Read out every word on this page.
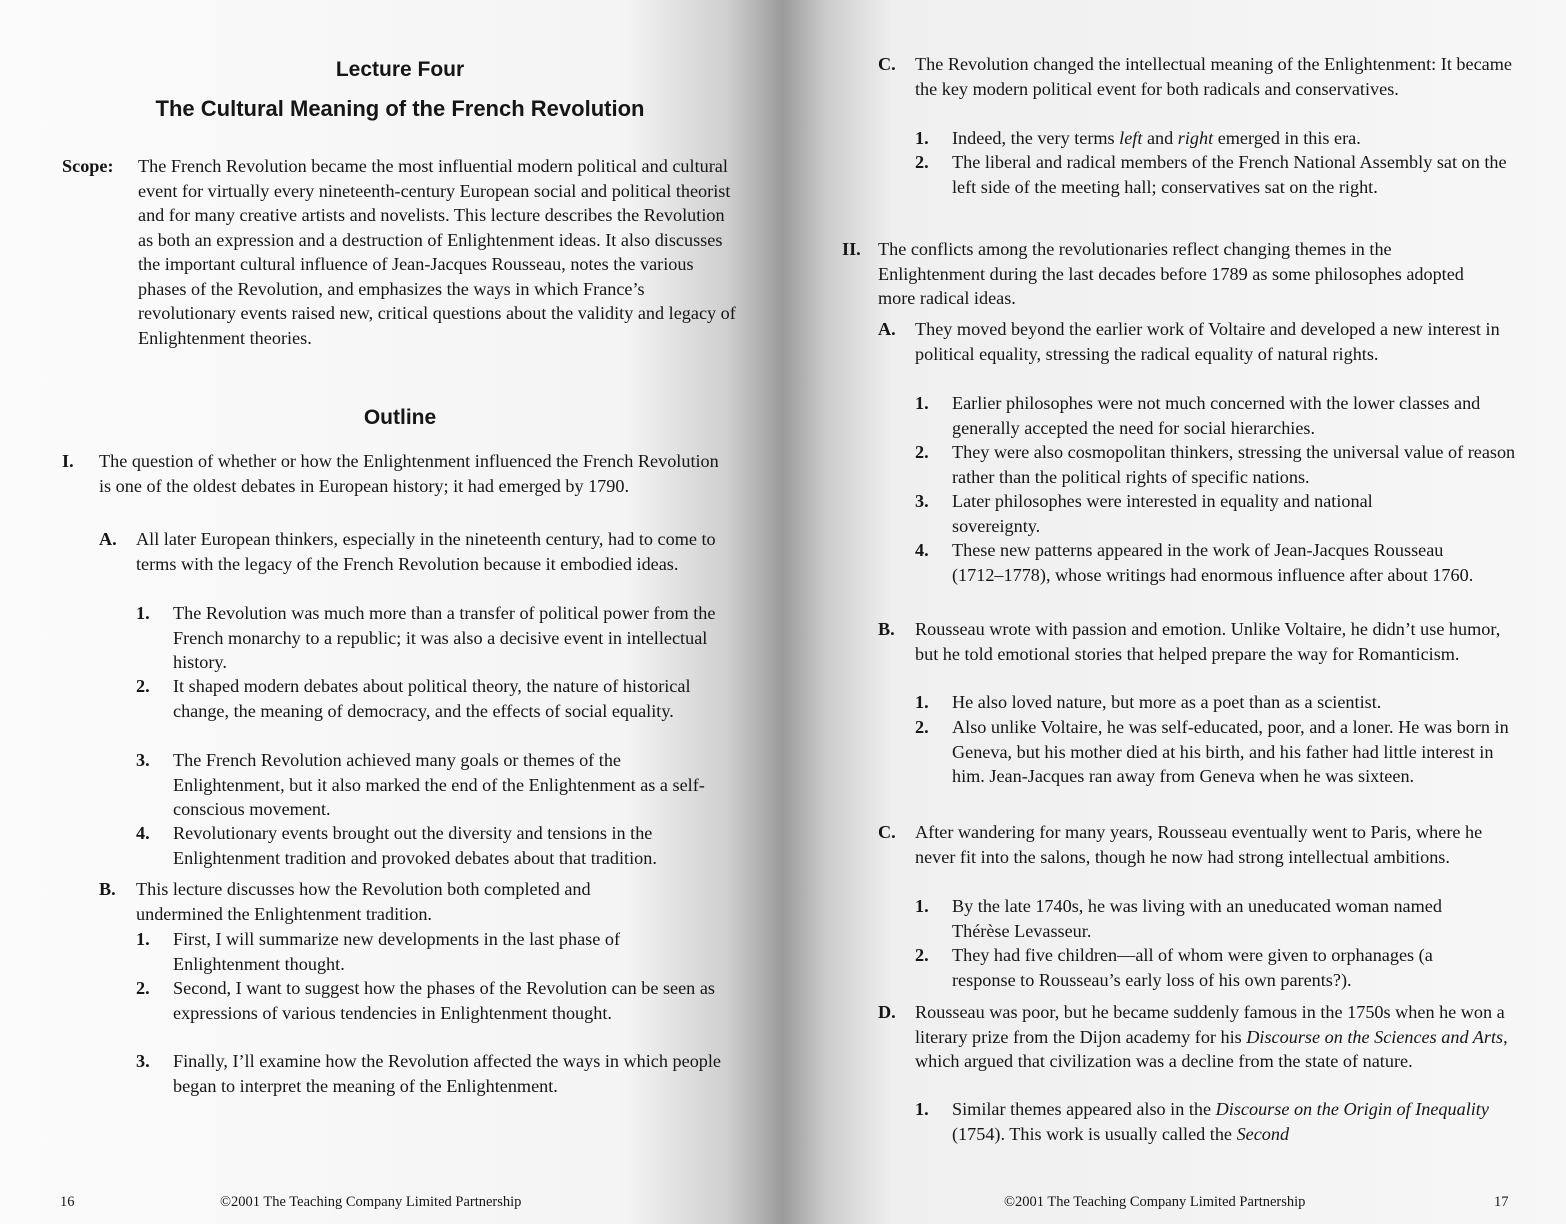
Lecture Four
The Cultural Meaning of the French Revolution
Scope: The French Revolution became the most influential modern political and cultural event for virtually every nineteenth-century European social and political theorist and for many creative artists and novelists. This lecture describes the Revolution as both an expression and a destruction of Enlightenment ideas. It also discusses the important cultural influence of Jean-Jacques Rousseau, notes the various phases of the Revolution, and emphasizes the ways in which France’s revolutionary events raised new, critical questions about the validity and legacy of Enlightenment theories.
Outline
I. The question of whether or how the Enlightenment influenced the French Revolution is one of the oldest debates in European history; it had emerged by 1790.
A. All later European thinkers, especially in the nineteenth century, had to come to terms with the legacy of the French Revolution because it embodied ideas.
1. The Revolution was much more than a transfer of political power from the French monarchy to a republic; it was also a decisive event in intellectual history.
2. It shaped modern debates about political theory, the nature of historical change, the meaning of democracy, and the effects of social equality.
3. The French Revolution achieved many goals or themes of the Enlightenment, but it also marked the end of the Enlightenment as a self-conscious movement.
4. Revolutionary events brought out the diversity and tensions in the Enlightenment tradition and provoked debates about that tradition.
B. This lecture discusses how the Revolution both completed and undermined the Enlightenment tradition.
1. First, I will summarize new developments in the last phase of Enlightenment thought.
2. Second, I want to suggest how the phases of the Revolution can be seen as expressions of various tendencies in Enlightenment thought.
3. Finally, I’ll examine how the Revolution affected the ways in which people began to interpret the meaning of the Enlightenment.
16	©2001 The Teaching Company Limited Partnership
C. The Revolution changed the intellectual meaning of the Enlightenment: It became the key modern political event for both radicals and conservatives.
1. Indeed, the very terms left and right emerged in this era.
2. The liberal and radical members of the French National Assembly sat on the left side of the meeting hall; conservatives sat on the right.
II. The conflicts among the revolutionaries reflect changing themes in the Enlightenment during the last decades before 1789 as some philosophes adopted more radical ideas.
A. They moved beyond the earlier work of Voltaire and developed a new interest in political equality, stressing the radical equality of natural rights.
1. Earlier philosophes were not much concerned with the lower classes and generally accepted the need for social hierarchies.
2. They were also cosmopolitan thinkers, stressing the universal value of reason rather than the political rights of specific nations.
3. Later philosophes were interested in equality and national sovereignty.
4. These new patterns appeared in the work of Jean-Jacques Rousseau (1712–1778), whose writings had enormous influence after about 1760.
B. Rousseau wrote with passion and emotion. Unlike Voltaire, he didn’t use humor, but he told emotional stories that helped prepare the way for Romanticism.
1. He also loved nature, but more as a poet than as a scientist.
2. Also unlike Voltaire, he was self-educated, poor, and a loner. He was born in Geneva, but his mother died at his birth, and his father had little interest in him. Jean-Jacques ran away from Geneva when he was sixteen.
C. After wandering for many years, Rousseau eventually went to Paris, where he never fit into the salons, though he now had strong intellectual ambitions.
1. By the late 1740s, he was living with an uneducated woman named Thérèse Levasseur.
2. They had five children—all of whom were given to orphanages (a response to Rousseau’s early loss of his own parents?).
D. Rousseau was poor, but he became suddenly famous in the 1750s when he won a literary prize from the Dijon academy for his Discourse on the Sciences and Arts, which argued that civilization was a decline from the state of nature.
1. Similar themes appeared also in the Discourse on the Origin of Inequality (1754). This work is usually called the Second
©2001 The Teaching Company Limited Partnership	17
